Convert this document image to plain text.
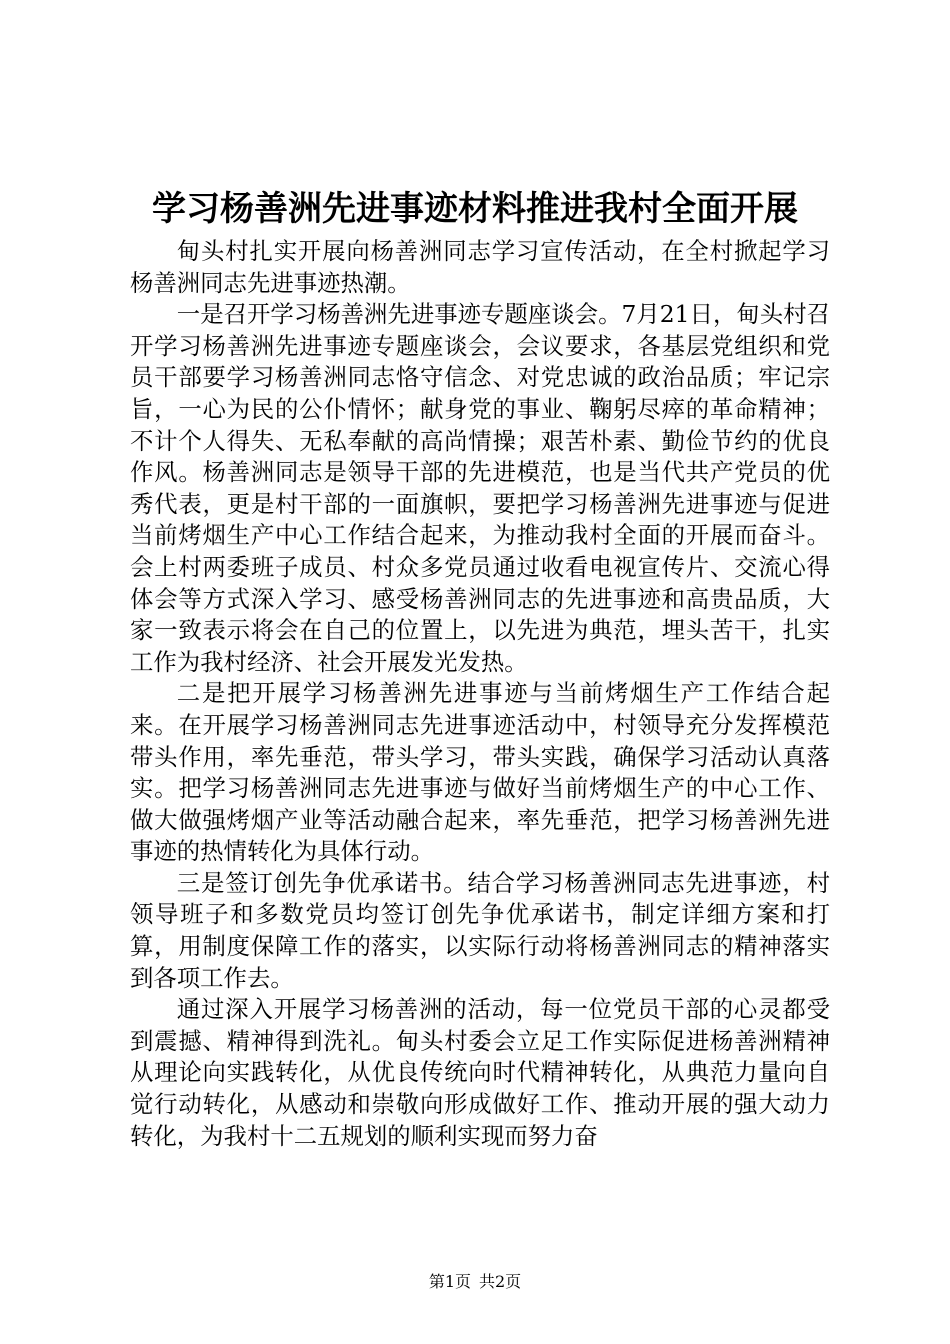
学习杨善洲先进事迹材料推进我村全面开展

甸头村扎实开展向杨善洲同志学习宣传活动，在全村掀起学习杨善洲同志先进事迹热潮。

一是召开学习杨善洲先进事迹专题座谈会。7月21日，甸头村召开学习杨善洲先进事迹专题座谈会，会议要求，各基层党组织和党员干部要学习杨善洲同志恪守信念、对党忠诚的政治品质；牢记宗旨，一心为民的公仆情怀；献身党的事业、鞠躬尽瘁的革命精神；不计个人得失、无私奉献的高尚情操；艰苦朴素、勤俭节约的优良作风。杨善洲同志是领导干部的先进模范，也是当代共产党员的优秀代表，更是村干部的一面旗帜，要把学习杨善洲先进事迹与促进当前烤烟生产中心工作结合起来，为推动我村全面的开展而奋斗。会上村两委班子成员、村众多党员通过收看电视宣传片、交流心得体会等方式深入学习、感受杨善洲同志的先进事迹和高贵品质，大家一致表示将会在自己的位置上，以先进为典范，埋头苦干，扎实工作为我村经济、社会开展发光发热。

二是把开展学习杨善洲先进事迹与当前烤烟生产工作结合起来。在开展学习杨善洲同志先进事迹活动中，村领导充分发挥模范带头作用，率先垂范，带头学习，带头实践，确保学习活动认真落实。把学习杨善洲同志先进事迹与做好当前烤烟生产的中心工作、做大做强烤烟产业等活动融合起来，率先垂范，把学习杨善洲先进事迹的热情转化为具体行动。

三是签订创先争优承诺书。结合学习杨善洲同志先进事迹，村领导班子和多数党员均签订创先争优承诺书，制定详细方案和打算，用制度保障工作的落实，以实际行动将杨善洲同志的精神落实到各项工作去。

通过深入开展学习杨善洲的活动，每一位党员干部的心灵都受到震撼、精神得到洗礼。甸头村委会立足工作实际促进杨善洲精神从理论向实践转化，从优良传统向时代精神转化，从典范力量向自觉行动转化，从感动和崇敬向形成做好工作、推动开展的强大动力转化，为我村十二五规划的顺利实现而努力奋

第1页 共2页
